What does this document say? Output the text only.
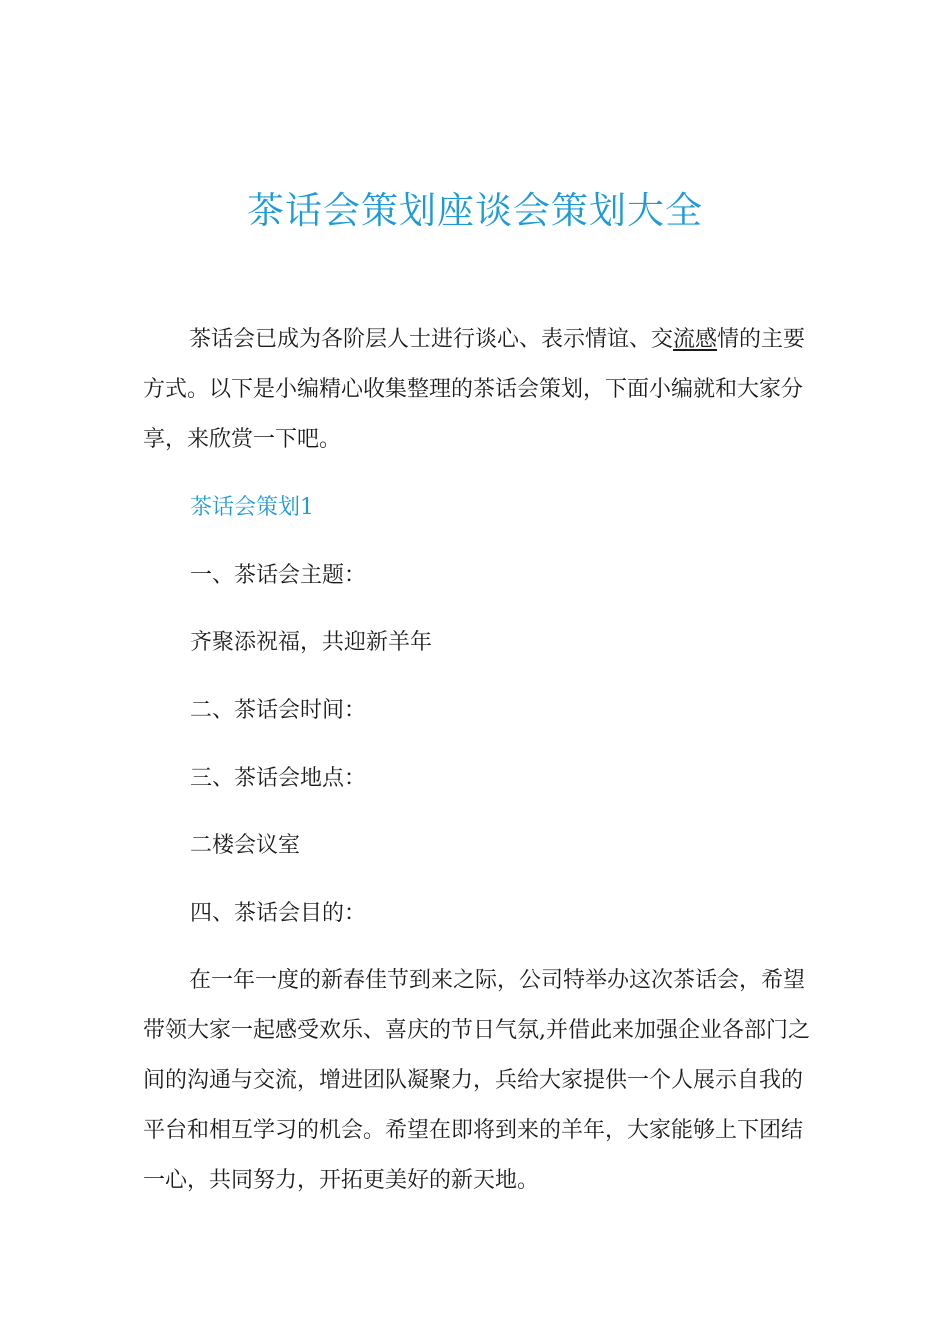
茶话会策划座谈会策划大全
茶话会已成为各阶层人士进行谈心、表示情谊、交流感情的主要方式。以下是小编精心收集整理的茶话会策划，下面小编就和大家分享，来欣赏一下吧。
茶话会策划1
一、茶话会主题：
齐聚添祝福，共迎新羊年
二、茶话会时间：
三、茶话会地点：
二楼会议室
四、茶话会目的：
在一年一度的新春佳节到来之际，公司特举办这次茶话会，希望带领大家一起感受欢乐、喜庆的节日气氛,并借此来加强企业各部门之间的沟通与交流，增进团队凝聚力，兵给大家提供一个人展示自我的平台和相互学习的机会。希望在即将到来的羊年，大家能够上下团结一心，共同努力，开拓更美好的新天地。
